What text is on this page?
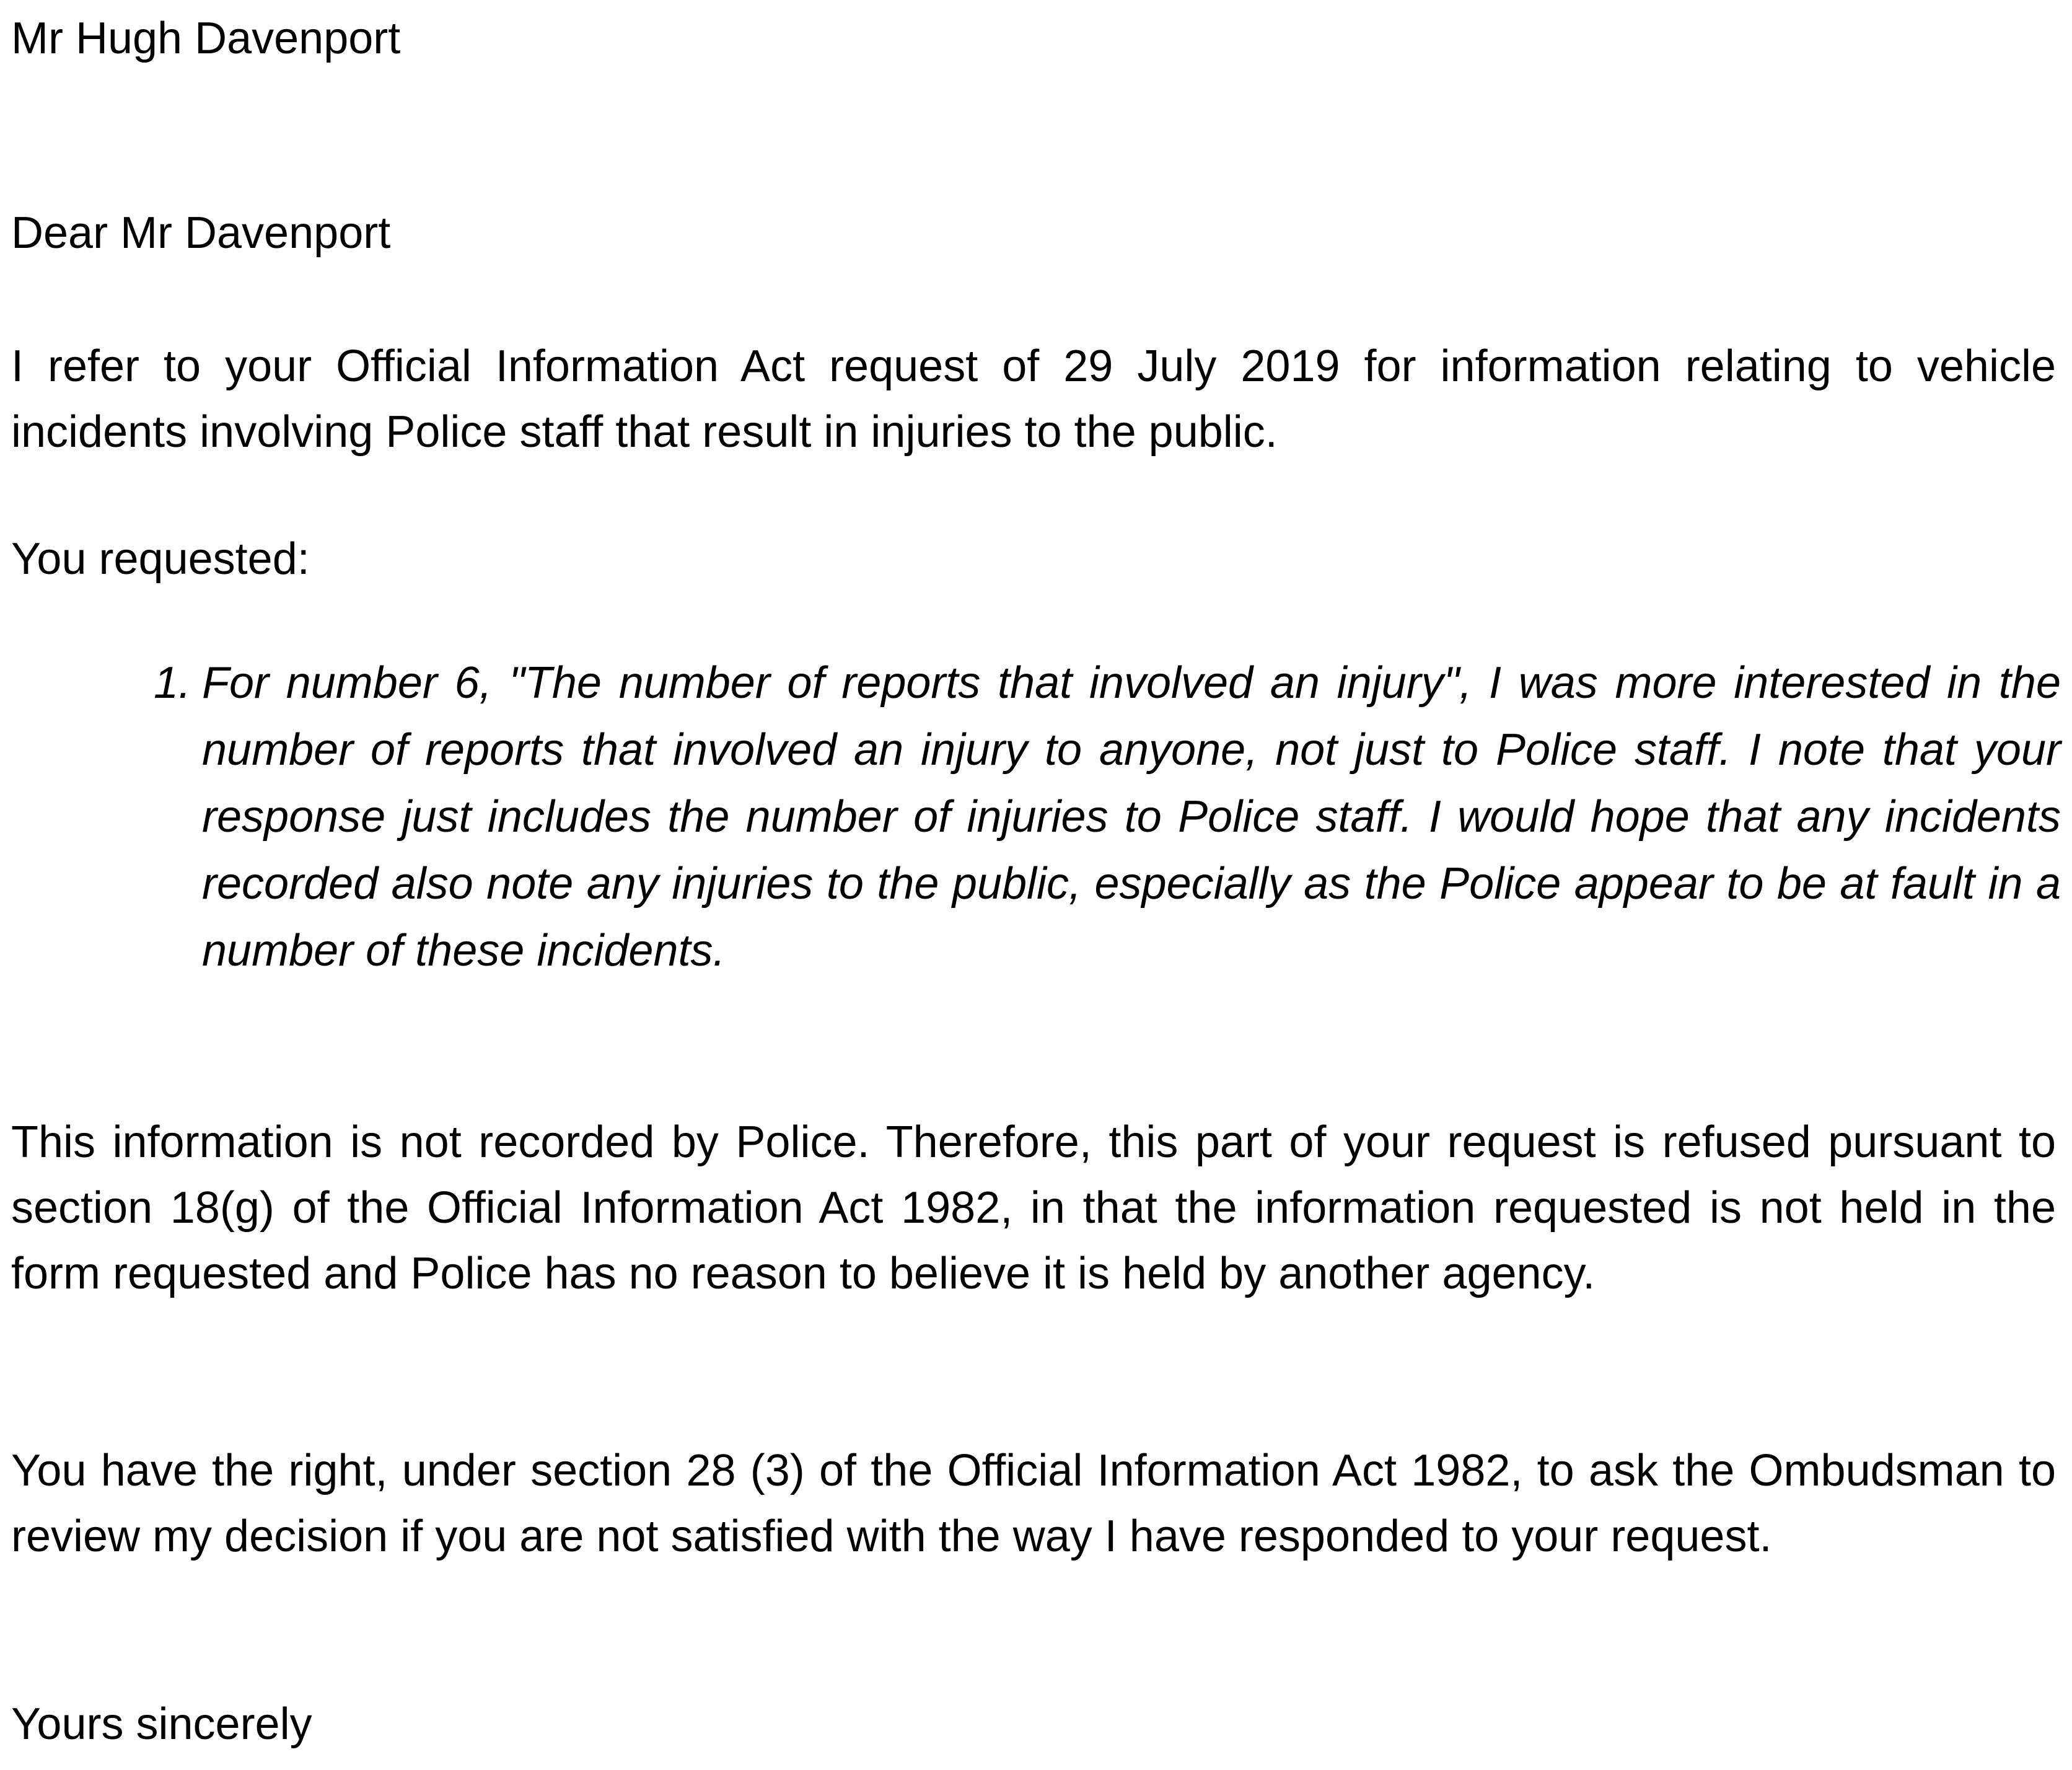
Mr Hugh Davenport

Dear Mr Davenport

I refer to your Official Information Act request of 29 July 2019 for information relating to vehicle incidents involving Police staff that result in injuries to the public.

You requested:

1. For number 6, "The number of reports that involved an injury", I was more interested in the number of reports that involved an injury to anyone, not just to Police staff. I note that your response just includes the number of injuries to Police staff. I would hope that any incidents recorded also note any injuries to the public, especially as the Police appear to be at fault in a number of these incidents.

This information is not recorded by Police. Therefore, this part of your request is refused pursuant to section 18(g) of the Official Information Act 1982, in that the information requested is not held in the form requested and Police has no reason to believe it is held by another agency.

You have the right, under section 28 (3) of the Official Information Act 1982, to ask the Ombudsman to review my decision if you are not satisfied with the way I have responded to your request.

Yours sincerely
